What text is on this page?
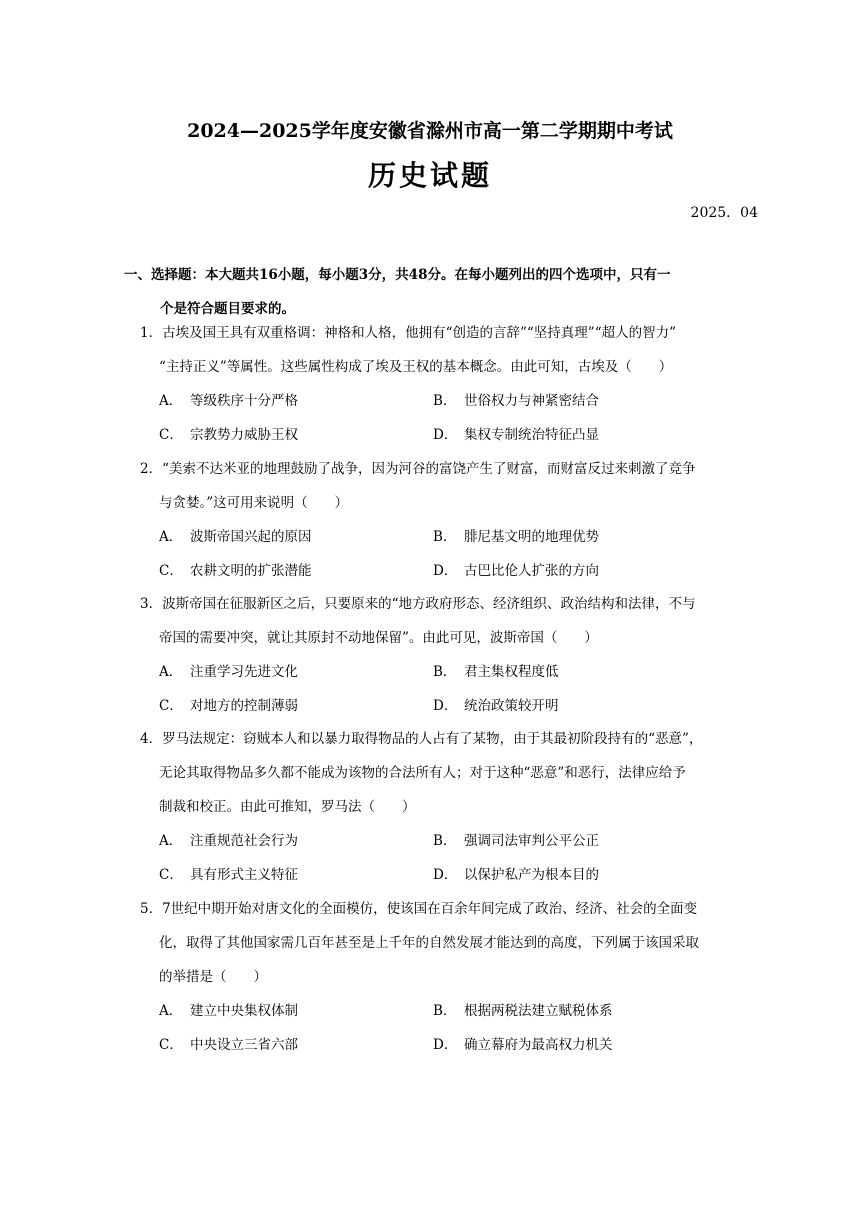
2024—2025学年度安徽省滁州市高一第二学期期中考试
历史试题
2025．04
一、选择题：本大题共16小题，每小题3分，共48分。在每小题列出的四个选项中，只有一
个是符合题目要求的。
1．古埃及国王具有双重格调：神格和人格，他拥有“创造的言辞”“坚持真理”“超人的智力”
“主持正义”等属性。这些属性构成了埃及王权的基本概念。由此可知，古埃及（　　）
A． 等级秩序十分严格	B． 世俗权力与神紧密结合
C． 宗教势力威胁王权	D． 集权专制统治特征凸显
2．“美索不达米亚的地理鼓励了战争，因为河谷的富饶产生了财富，而财富反过来刺激了竞争
与贪婪。”这可用来说明（　　）
A． 波斯帝国兴起的原因	B． 腓尼基文明的地理优势
C． 农耕文明的扩张潜能	D． 古巴比伦人扩张的方向
3．波斯帝国在征服新区之后，只要原来的“地方政府形态、经济组织、政治结构和法律，不与
帝国的需要冲突，就让其原封不动地保留”。由此可见，波斯帝国（　　）
A． 注重学习先进文化	B． 君主集权程度低
C． 对地方的控制薄弱	D． 统治政策较开明
4．罗马法规定：窃贼本人和以暴力取得物品的人占有了某物，由于其最初阶段持有的“恶意”，
无论其取得物品多久都不能成为该物的合法所有人；对于这种“恶意”和恶行，法律应给予
制裁和校正。由此可推知，罗马法（　　）
A． 注重规范社会行为	B． 强调司法审判公平公正
C． 具有形式主义特征	D． 以保护私产为根本目的
5．7世纪中期开始对唐文化的全面模仿，使该国在百余年间完成了政治、经济、社会的全面变
化，取得了其他国家需几百年甚至是上千年的自然发展才能达到的高度，下列属于该国采取
的举措是（　　）
A． 建立中央集权体制	B． 根据两税法建立赋税体系
C． 中央设立三省六部	D． 确立幕府为最高权力机关
